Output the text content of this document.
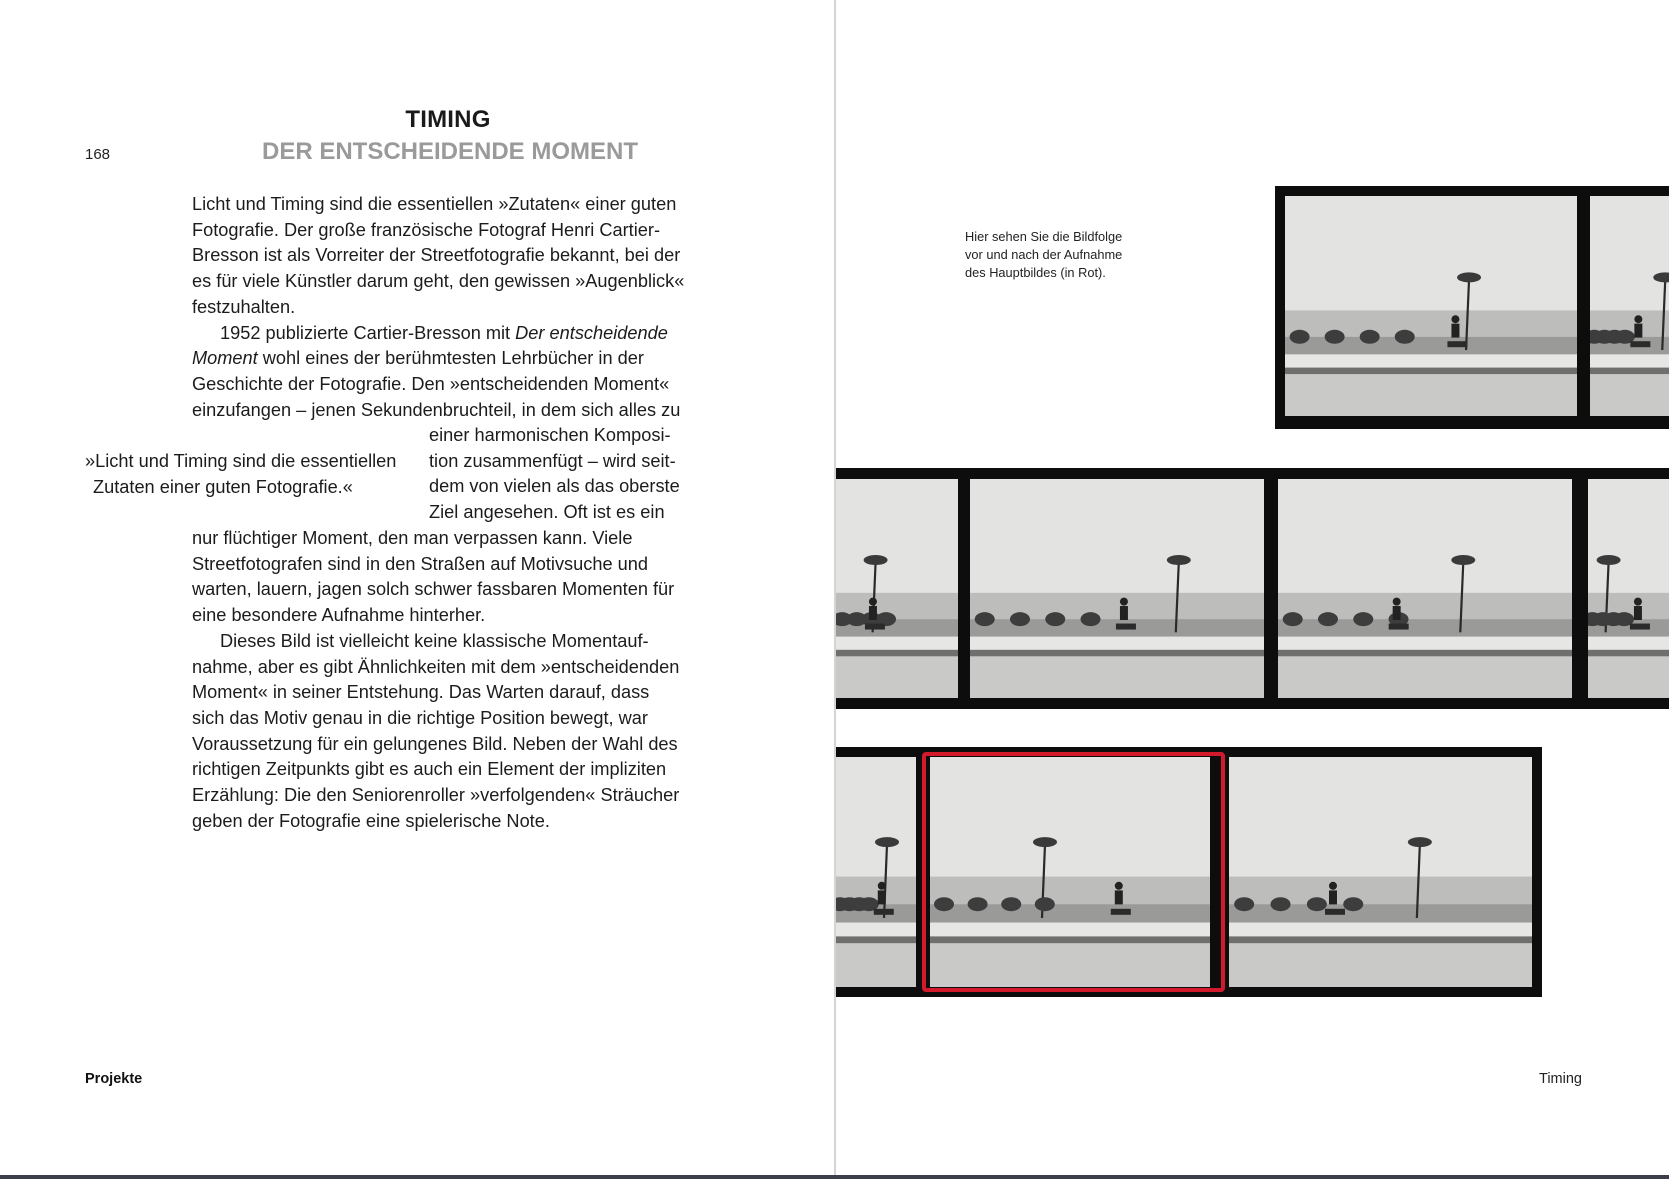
168
TIMING
DER ENTSCHEIDENDE MOMENT

Licht und Timing sind die essentiellen »Zutaten« einer guten

Fotografie. Der große französische Fotograf Henri Cartier-

Bresson ist als Vorreiter der Streetfotografie bekannt, bei der

es für viele Künstler darum geht, den gewissen »Augenblick«

festzuhalten.

1952 publizierte Cartier-Bresson mit Der entscheidende

Moment wohl eines der berühmtesten Lehrbücher in der

Geschichte der Fotografie. Den »entscheidenden Moment«

einzufangen – jenen Sekundenbruchteil, in dem sich alles zu

einer harmonischen Komposi-

tion zusammenfügt – wird seit-

dem von vielen als das oberste

Ziel angesehen. Oft ist es ein

»Licht und Timing sind die essentiellen
Zutaten einer guten Fotografie.«

nur flüchtiger Moment, den man verpassen kann. Viele

Streetfotografen sind in den Straßen auf Motivsuche und

warten, lauern, jagen solch schwer fassbaren Momenten für

eine besondere Aufnahme hinterher.

Dieses Bild ist vielleicht keine klassische Momentauf-

nahme, aber es gibt Ähnlichkeiten mit dem »entscheidenden

Moment« in seiner Entstehung. Das Warten darauf, dass

sich das Motiv genau in die richtige Position bewegt, war

Voraussetzung für ein gelungenes Bild. Neben der Wahl des

richtigen Zeitpunkts gibt es auch ein Element der impliziten

Erzählung: Die den Seniorenroller »verfolgenden« Sträucher

geben der Fotografie eine spielerische Note.

Projekte
Hier sehen Sie die Bildfolge
vor und nach der Aufnahme
des Hauptbildes (in Rot).
Timing
